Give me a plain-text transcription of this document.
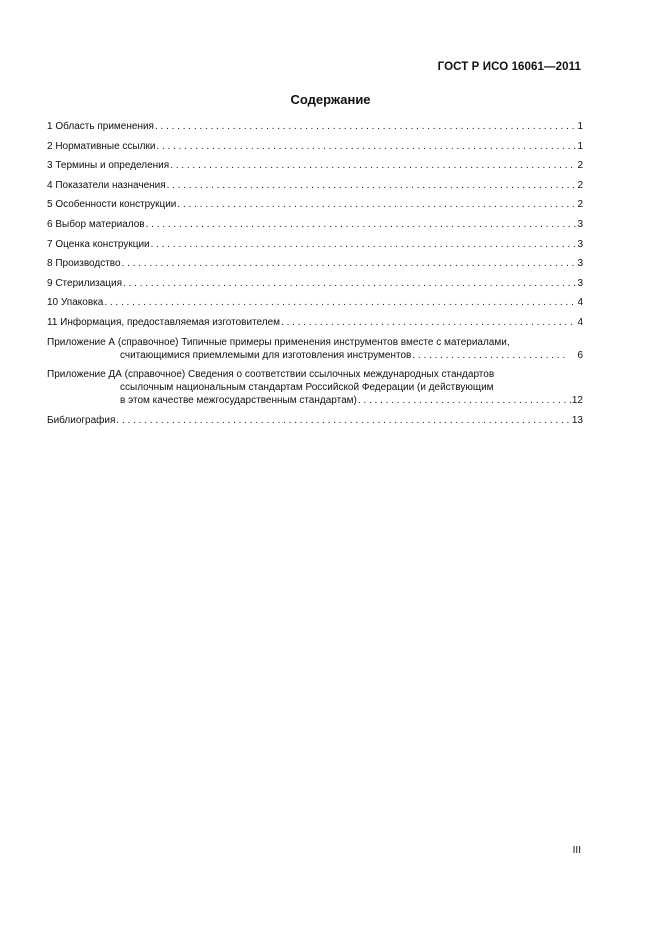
ГОСТ Р ИСО 16061—2011
Содержание
1 Область применения . . .	1
2 Нормативные ссылки . . .	1
3 Термины и определения . . .	2
4 Показатели назначения . . .	2
5 Особенности конструкции . . .	2
6 Выбор материалов . . .	3
7 Оценка конструкции . . .	3
8 Производство . . .	3
9 Стерилизация . . .	3
10 Упаковка . . .	4
11 Информация, предоставляемая изготовителем . . .	4
Приложение А (справочное) Типичные примеры применения инструментов вместе с материалами,
считающимися приемлемыми для изготовления инструментов . . .	6
Приложение ДА (справочное) Сведения о соответствии ссылочных международных стандартов
ссылочным национальным стандартам Российской Федерации (и действующим
в этом качестве межгосударственным стандартам) . . .	12
Библиография . . .	13
III
